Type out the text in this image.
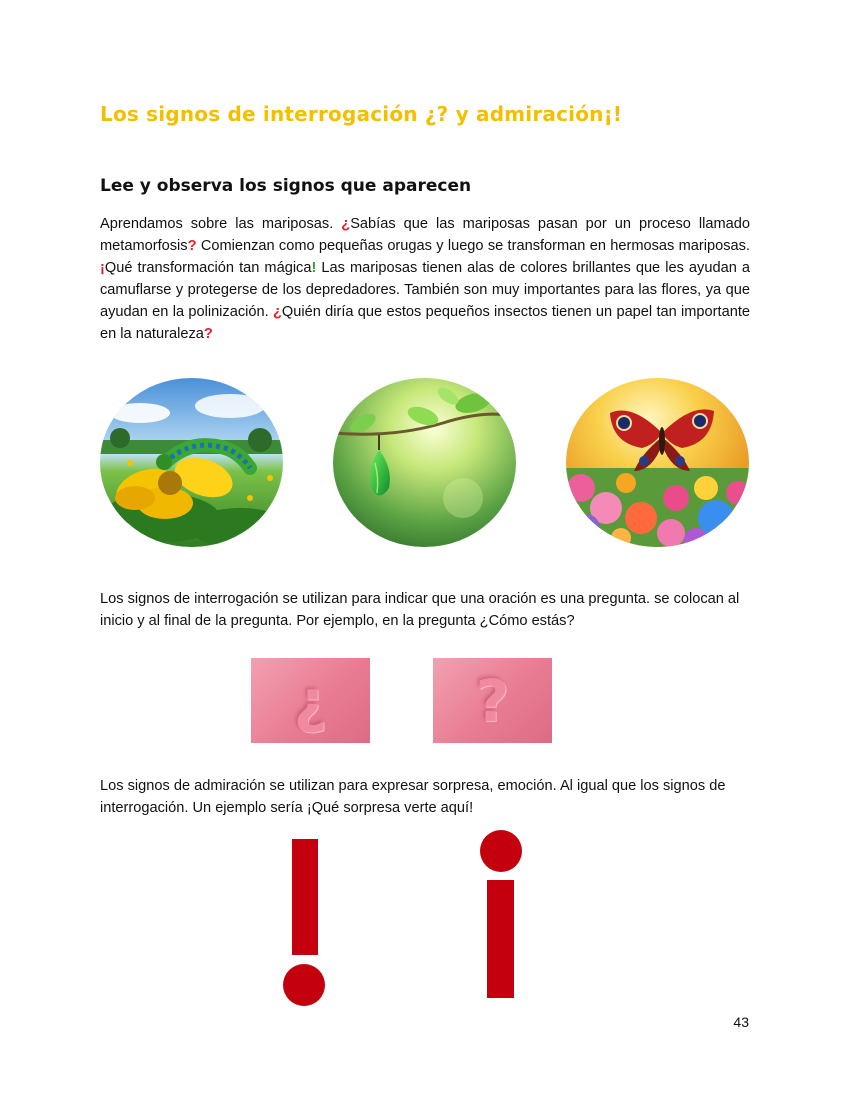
Los signos de interrogación ¿? y admiración¡!
Lee y observa los signos que aparecen
Aprendamos sobre las mariposas. ¿Sabías que las mariposas pasan por un proceso llamado metamorfosis? Comienzan como pequeñas orugas y luego se transforman en hermosas mariposas. ¡Qué transformación tan mágica! Las mariposas tienen alas de colores brillantes que les ayudan a camuflarse y protegerse de los depredadores. También son muy importantes para las flores, ya que ayudan en la polinización. ¿Quién diría que estos pequeños insectos tienen un papel tan importante en la naturaleza?
Los signos de interrogación se utilizan para indicar que una oración es una pregunta. se colocan al inicio y al final de la pregunta. Por ejemplo, en la pregunta ¿Cómo estás?
¿	?
Los signos de admiración se utilizan para expresar sorpresa, emoción. Al igual que los signos de interrogación. Un ejemplo sería ¡Qué sorpresa verte aquí!
43
